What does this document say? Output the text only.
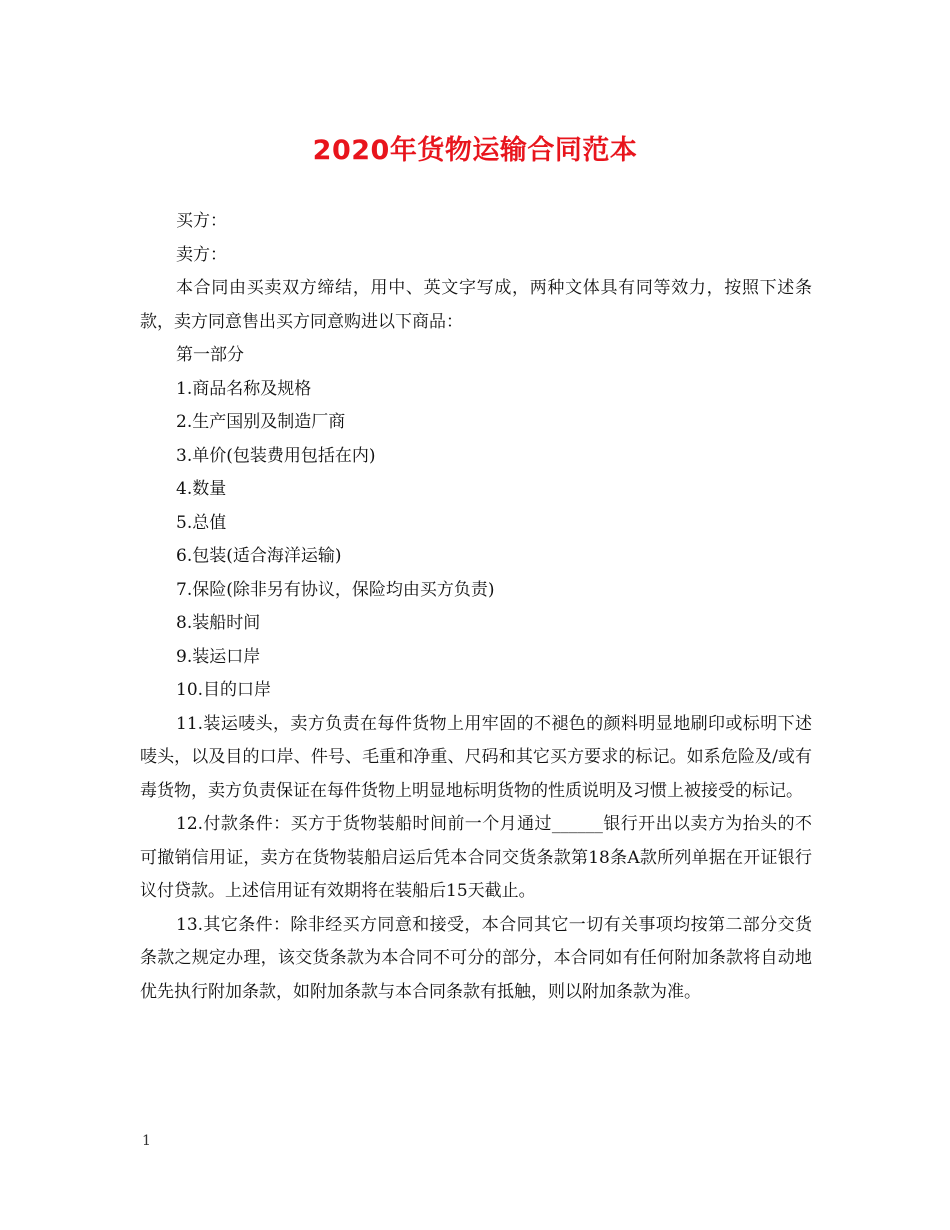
2020年货物运输合同范本

买方：

卖方：

本合同由买卖双方缔结，用中、英文字写成，两种文体具有同等效力，按照下述条款，卖方同意售出买方同意购进以下商品：

第一部分

1.商品名称及规格

2.生产国别及制造厂商

3.单价(包装费用包括在内)

4.数量

5.总值

6.包装(适合海洋运输)

7.保险(除非另有协议，保险均由买方负责)

8.装船时间

9.装运口岸

10.目的口岸

11.装运唛头，卖方负责在每件货物上用牢固的不褪色的颜料明显地刷印或标明下述唛头，以及目的口岸、件号、毛重和净重、尺码和其它买方要求的标记。如系危险及/或有毒货物，卖方负责保证在每件货物上明显地标明货物的性质说明及习惯上被接受的标记。

12.付款条件：买方于货物装船时间前一个月通过______银行开出以卖方为抬头的不可撤销信用证，卖方在货物装船启运后凭本合同交货条款第18条A款所列单据在开证银行议付贷款。上述信用证有效期将在装船后15天截止。

13.其它条件：除非经买方同意和接受，本合同其它一切有关事项均按第二部分交货条款之规定办理，该交货条款为本合同不可分的部分，本合同如有任何附加条款将自动地优先执行附加条款，如附加条款与本合同条款有抵触，则以附加条款为准。

1
